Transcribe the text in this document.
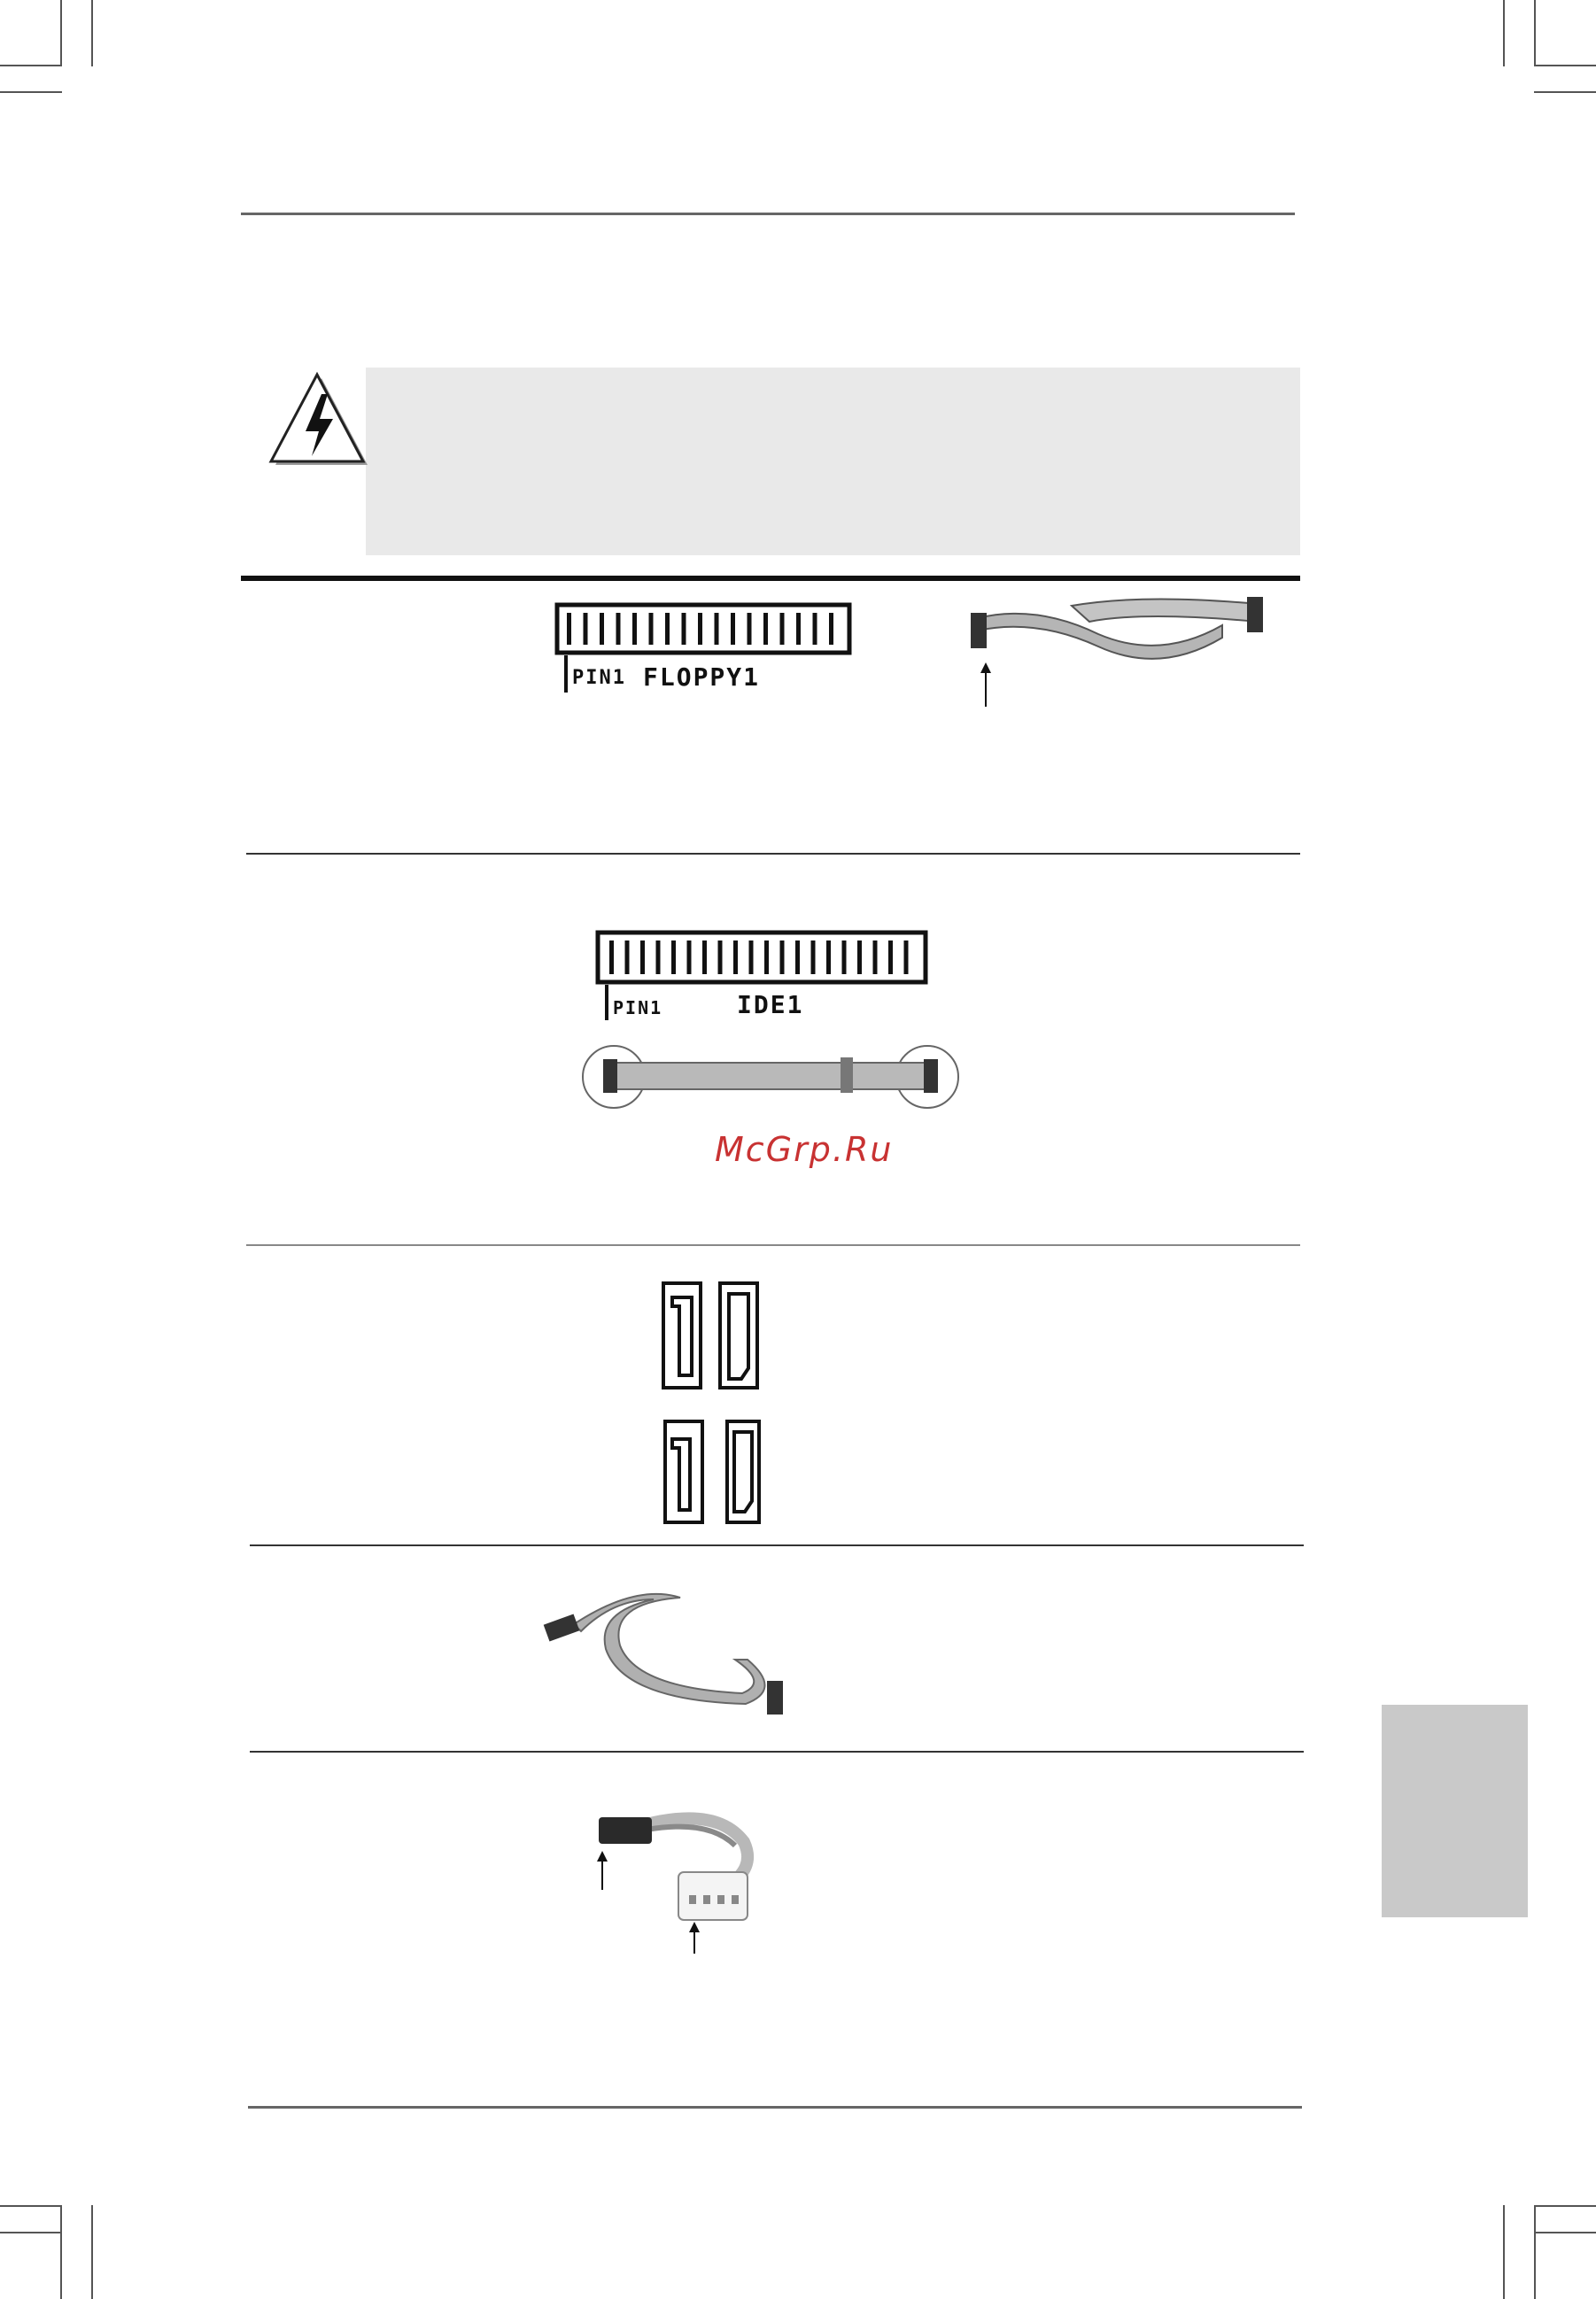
PIN1 FLOPPY1
PIN1	IDE1
McGrp.Ru
